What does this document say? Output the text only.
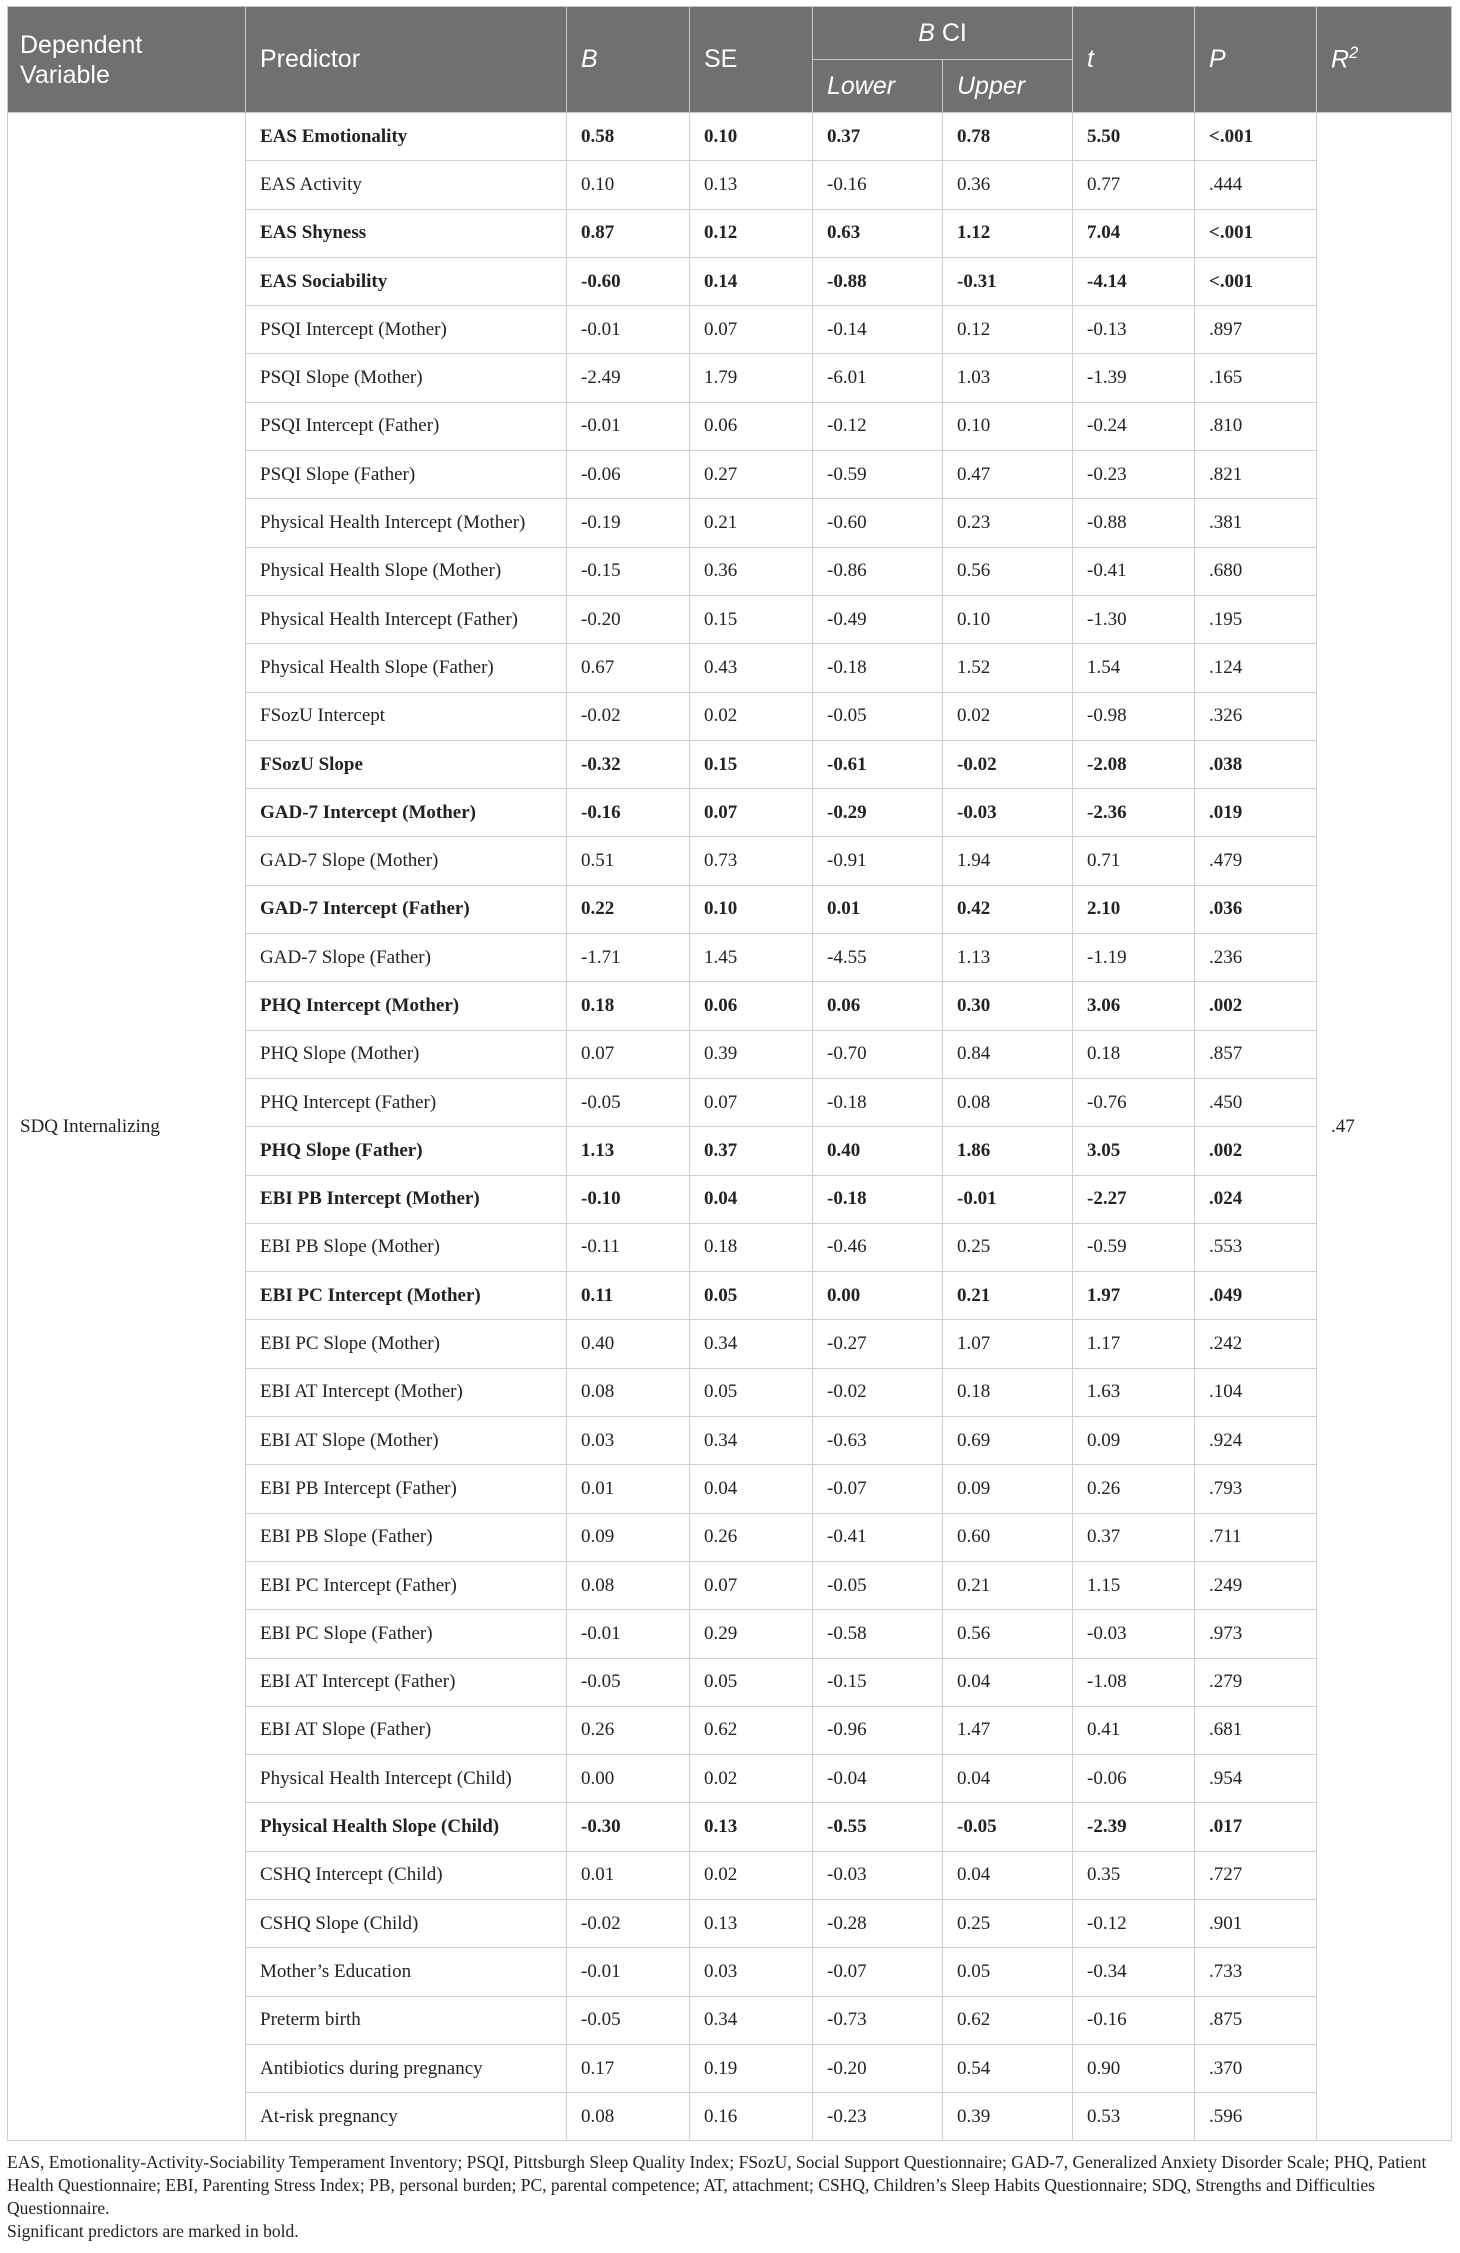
Dependent Variable	Predictor	B	SE	B CI		t	P	$R^2$
				Lower	Upper			
SDQ Internalizing	EAS Emotionality	0.58	0.10	0.37	0.78	5.50	<.001	.47
	EAS Activity	0.10	0.13	-0.16	0.36	0.77	.444	
	EAS Shyness	0.87	0.12	0.63	1.12	7.04	<.001	
	EAS Sociability	-0.60	0.14	-0.88	-0.31	-4.14	<.001	
	PSQI Intercept (Mother)	-0.01	0.07	-0.14	0.12	-0.13	.897	
	PSQI Slope (Mother)	-2.49	1.79	-6.01	1.03	-1.39	.165	
	PSQI Intercept (Father)	-0.01	0.06	-0.12	0.10	-0.24	.810	
	PSQI Slope (Father)	-0.06	0.27	-0.59	0.47	-0.23	.821	
	Physical Health Intercept (Mother)	-0.19	0.21	-0.60	0.23	-0.88	.381	
	Physical Health Slope (Mother)	-0.15	0.36	-0.86	0.56	-0.41	.680	
	Physical Health Intercept (Father)	-0.20	0.15	-0.49	0.10	-1.30	.195	
	Physical Health Slope (Father)	0.67	0.43	-0.18	1.52	1.54	.124	
	FSozU Intercept	-0.02	0.02	-0.05	0.02	-0.98	.326	
	FSozU Slope	-0.32	0.15	-0.61	-0.02	-2.08	.038	
	GAD-7 Intercept (Mother)	-0.16	0.07	-0.29	-0.03	-2.36	.019	
	GAD-7 Slope (Mother)	0.51	0.73	-0.91	1.94	0.71	.479	
	GAD-7 Intercept (Father)	0.22	0.10	0.01	0.42	2.10	.036	
	GAD-7 Slope (Father)	-1.71	1.45	-4.55	1.13	-1.19	.236	
	PHQ Intercept (Mother)	0.18	0.06	0.06	0.30	3.06	.002	
	PHQ Slope (Mother)	0.07	0.39	-0.70	0.84	0.18	.857	
	PHQ Intercept (Father)	-0.05	0.07	-0.18	0.08	-0.76	.450	
	PHQ Slope (Father)	1.13	0.37	0.40	1.86	3.05	.002	
	EBI PB Intercept (Mother)	-0.10	0.04	-0.18	-0.01	-2.27	.024	
	EBI PB Slope (Mother)	-0.11	0.18	-0.46	0.25	-0.59	.553	
	EBI PC Intercept (Mother)	0.11	0.05	0.00	0.21	1.97	.049	
	EBI PC Slope (Mother)	0.40	0.34	-0.27	1.07	1.17	.242	
	EBI AT Intercept (Mother)	0.08	0.05	-0.02	0.18	1.63	.104	
	EBI AT Slope (Mother)	0.03	0.34	-0.63	0.69	0.09	.924	
	EBI PB Intercept (Father)	0.01	0.04	-0.07	0.09	0.26	.793	
	EBI PB Slope (Father)	0.09	0.26	-0.41	0.60	0.37	.711	
	EBI PC Intercept (Father)	0.08	0.07	-0.05	0.21	1.15	.249	
	EBI PC Slope (Father)	-0.01	0.29	-0.58	0.56	-0.03	.973	
	EBI AT Intercept (Father)	-0.05	0.05	-0.15	0.04	-1.08	.279	
	EBI AT Slope (Father)	0.26	0.62	-0.96	1.47	0.41	.681	
	Physical Health Intercept (Child)	0.00	0.02	-0.04	0.04	-0.06	.954	
	Physical Health Slope (Child)	-0.30	0.13	-0.55	-0.05	-2.39	.017	
	CSHQ Intercept (Child)	0.01	0.02	-0.03	0.04	0.35	.727	
	CSHQ Slope (Child)	-0.02	0.13	-0.28	0.25	-0.12	.901	
	Mother’s Education	-0.01	0.03	-0.07	0.05	-0.34	.733	
	Preterm birth	-0.05	0.34	-0.73	0.62	-0.16	.875	
	Antibiotics during pregnancy	0.17	0.19	-0.20	0.54	0.90	.370	
	At-risk pregnancy	0.08	0.16	-0.23	0.39	0.53	.596	

EAS, Emotionality-Activity-Sociability Temperament Inventory; PSQI, Pittsburgh Sleep Quality Index; FSozU, Social Support Questionnaire; GAD-7, Generalized Anxiety Disorder Scale; PHQ, Patient Health Questionnaire; EBI, Parenting Stress Index; PB, personal burden; PC, parental competence; AT, attachment; CSHQ, Children’s Sleep Habits Questionnaire; SDQ, Strengths and Difficulties Questionnaire.

Significant predictors are marked in bold.
